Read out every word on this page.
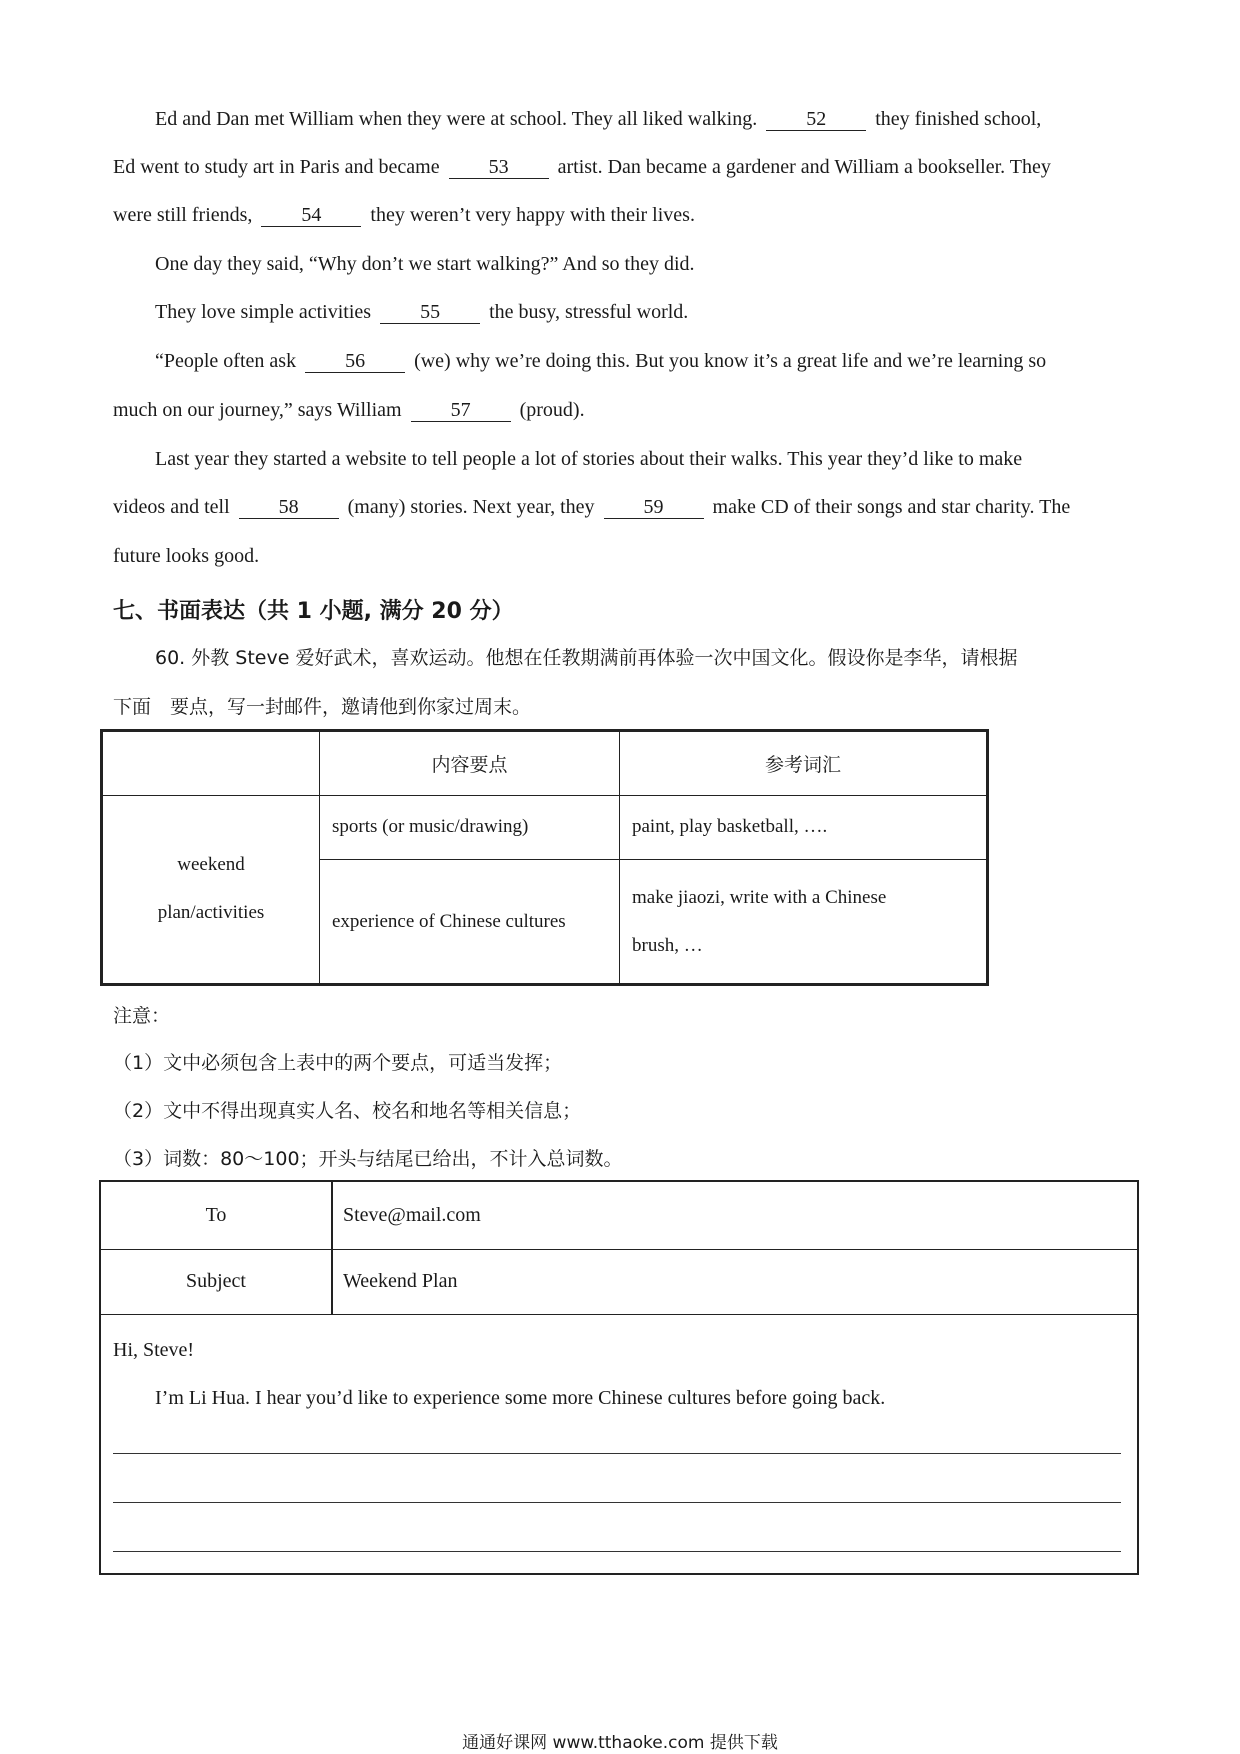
Ed and Dan met William when they were at school. They all liked walking. 52 they finished school,
Ed went to study art in Paris and became 53 artist. Dan became a gardener and William a bookseller. They
were still friends, 54 they weren’t very happy with their lives.
One day they said, “Why don’t we start walking?” And so they did.
They love simple activities 55 the busy, stressful world.
“People often ask 56 (we) why we’re doing this. But you know it’s a great life and we’re learning so
much on our journey,” says William 57 (proud).
Last year they started a website to tell people a lot of stories about their walks. This year they’d like to make
videos and tell 58 (many) stories. Next year, they 59 make CD of their songs and star charity. The
future looks good.
七、书面表达（共 1 小题, 满分 20 分）
60. 外教 Steve 爱好武术，喜欢运动。他想在任教期满前再体验一次中国文化。假设你是李华，请根据
下面　要点，写一封邮件，邀请他到你家过周末。
	内容要点	参考词汇

weekend
plan/activities	sports (or music/drawing)	paint, play basketball, ….
	experience of Chinese cultures	make jiaozi, write with a Chinese
brush, …
注意：
（1）文中必须包含上表中的两个要点，可适当发挥；
（2）文中不得出现真实人名、校名和地名等相关信息；
（3）词数：80～100；开头与结尾已给出，不计入总词数。
To	Steve@mail.com
Subject	Weekend Plan
Hi, Steve!
I’m Li Hua. I hear you’d like to experience some more Chinese cultures before going back.
通通好课网 www.tthaoke.com 提供下载
